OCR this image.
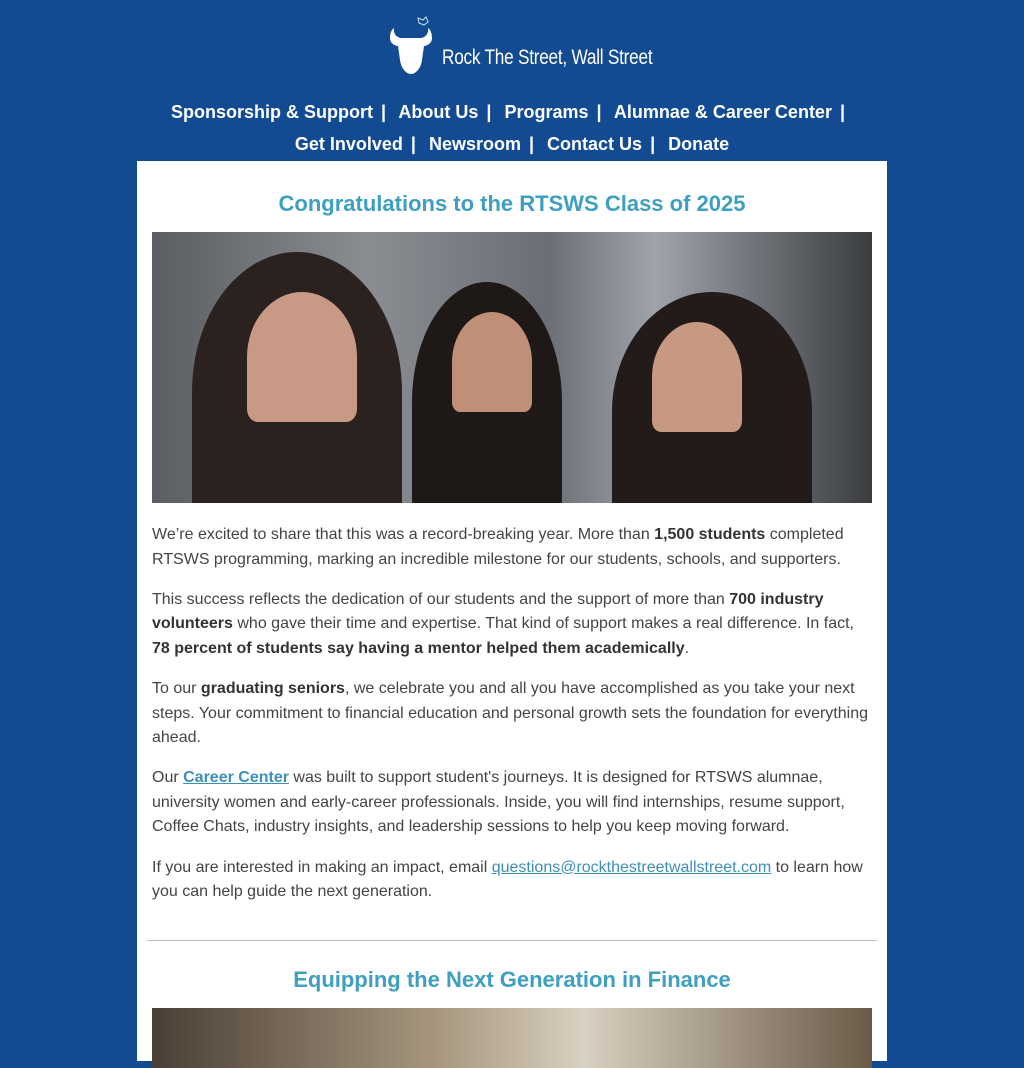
Rock The Street, Wall Street
Sponsorship & Support | About Us | Programs | Alumnae & Career Center |
Get Involved | Newsroom | Contact Us | Donate
Congratulations to the RTSWS Class of 2025

We’re excited to share that this was a record-breaking year. More than 1,500 students completed RTSWS programming, marking an incredible milestone for our students, schools, and supporters.

This success reflects the dedication of our students and the support of more than 700 industry volunteers who gave their time and expertise. That kind of support makes a real difference. In fact, 78 percent of students say having a mentor helped them academically.

To our graduating seniors, we celebrate you and all you have accomplished as you take your next steps. Your commitment to financial education and personal growth sets the foundation for everything ahead.

Our Career Center was built to support student's journeys. It is designed for RTSWS alumnae, university women and early-career professionals. Inside, you will find internships, resume support, Coffee Chats, industry insights, and leadership sessions to help you keep moving forward.

If you are interested in making an impact, email questions@rockthestreetwallstreet.com to learn how you can help guide the next generation.

Equipping the Next Generation in Finance
